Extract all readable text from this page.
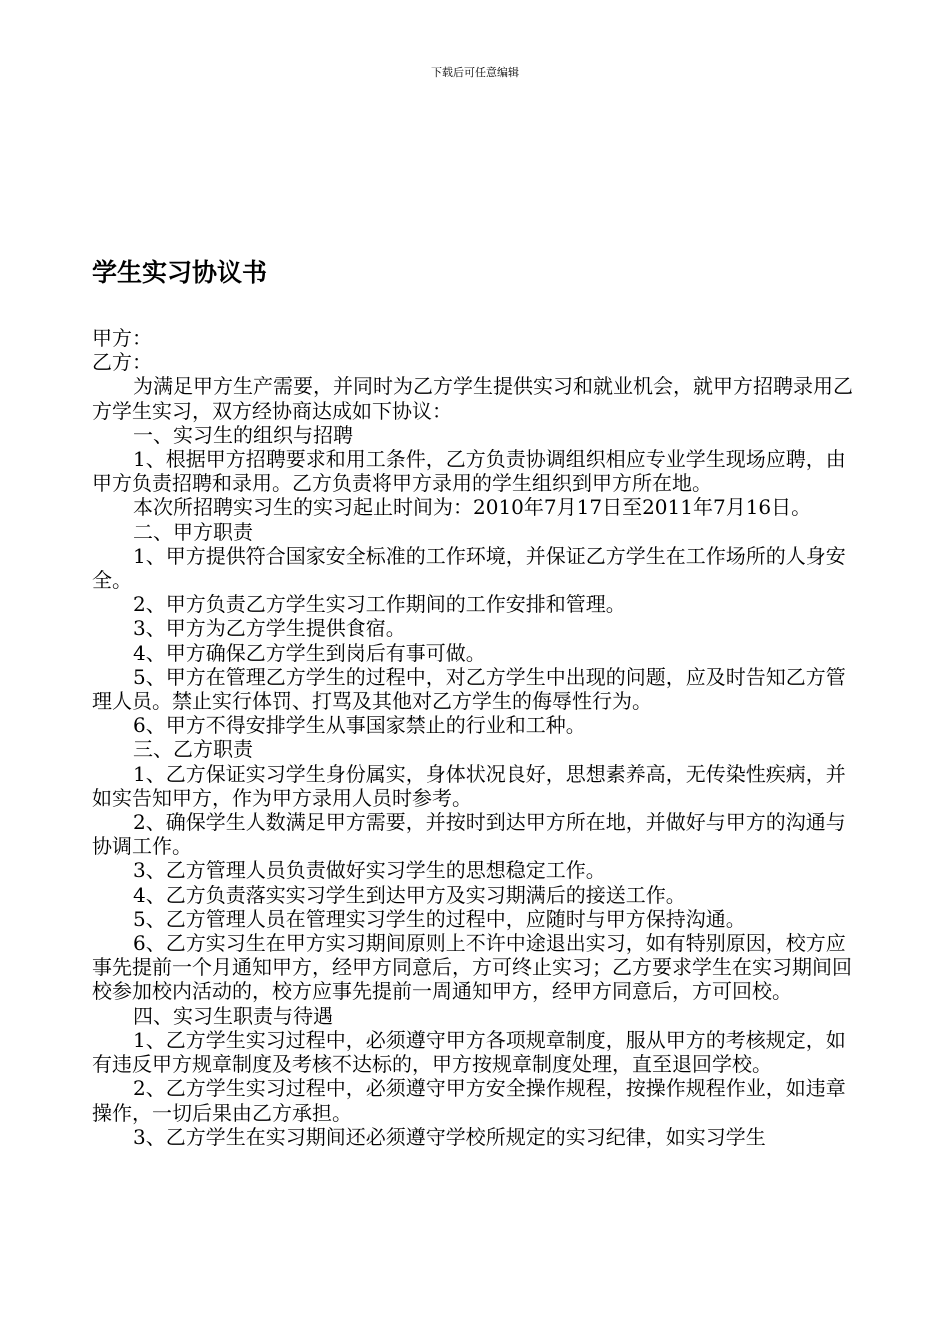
下载后可任意编辑
学生实习协议书

甲方：

乙方：

为满足甲方生产需要，并同时为乙方学生提供实习和就业机会，就甲方招聘录用乙方学生实习，双方经协商达成如下协议：

一、实习生的组织与招聘

1、根据甲方招聘要求和用工条件，乙方负责协调组织相应专业学生现场应聘，由甲方负责招聘和录用。乙方负责将甲方录用的学生组织到甲方所在地。

本次所招聘实习生的实习起止时间为：2010年7月17日至2011年7月16日。

二、甲方职责

1、甲方提供符合国家安全标准的工作环境，并保证乙方学生在工作场所的人身安全。

2、甲方负责乙方学生实习工作期间的工作安排和管理。

3、甲方为乙方学生提供食宿。

4、甲方确保乙方学生到岗后有事可做。

5、甲方在管理乙方学生的过程中，对乙方学生中出现的问题，应及时告知乙方管理人员。禁止实行体罚、打骂及其他对乙方学生的侮辱性行为。

6、甲方不得安排学生从事国家禁止的行业和工种。

三、乙方职责

1、乙方保证实习学生身份属实，身体状况良好，思想素养高，无传染性疾病，并如实告知甲方，作为甲方录用人员时参考。

2、确保学生人数满足甲方需要，并按时到达甲方所在地，并做好与甲方的沟通与协调工作。

3、乙方管理人员负责做好实习学生的思想稳定工作。

4、乙方负责落实实习学生到达甲方及实习期满后的接送工作。

5、乙方管理人员在管理实习学生的过程中，应随时与甲方保持沟通。

6、乙方实习生在甲方实习期间原则上不许中途退出实习，如有特别原因，校方应事先提前一个月通知甲方，经甲方同意后，方可终止实习；乙方要求学生在实习期间回校参加校内活动的，校方应事先提前一周通知甲方，经甲方同意后，方可回校。

四、实习生职责与待遇

1、乙方学生实习过程中，必须遵守甲方各项规章制度，服从甲方的考核规定，如有违反甲方规章制度及考核不达标的，甲方按规章制度处理，直至退回学校。

2、乙方学生实习过程中，必须遵守甲方安全操作规程，按操作规程作业，如违章操作，一切后果由乙方承担。

3、乙方学生在实习期间还必须遵守学校所规定的实习纪律，如实习学生
